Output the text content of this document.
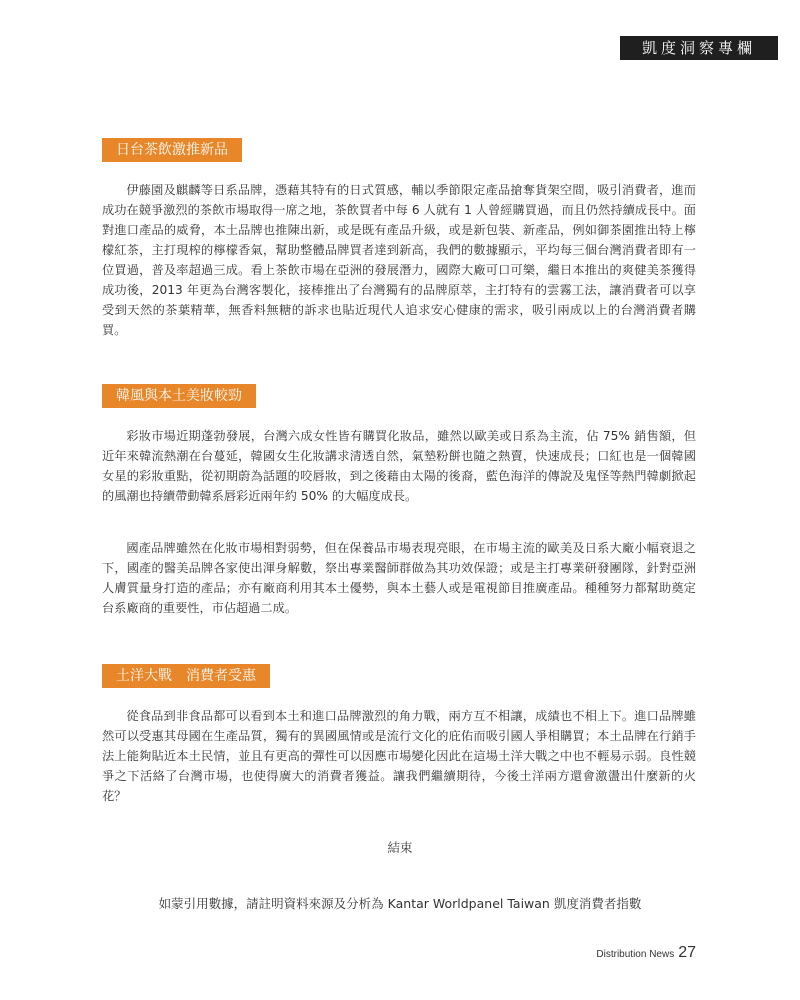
凱度洞察專欄
日台茶飲激推新品

伊藤園及麒麟等日系品牌，憑藉其特有的日式質感，輔以季節限定產品搶奪貨架空間，吸引消費者，進而成功在競爭激烈的茶飲市場取得一席之地，茶飲買者中每 6 人就有 1 人曾經購買過，而且仍然持續成長中。面對進口產品的威脅，本土品牌也推陳出新，或是既有產品升級，或是新包裝、新產品，例如御茶園推出特上檸檬紅茶，主打現榨的檸檬香氣，幫助整體品牌買者達到新高，我們的數據顯示，平均每三個台灣消費者即有一位買過，普及率超過三成。看上茶飲市場在亞洲的發展潛力，國際大廠可口可樂，繼日本推出的爽健美茶獲得成功後，2013 年更為台灣客製化，接棒推出了台灣獨有的品牌原萃，主打特有的雲霧工法，讓消費者可以享受到天然的茶葉精華，無香料無糖的訴求也貼近現代人追求安心健康的需求，吸引兩成以上的台灣消費者購買。

韓風與本土美妝較勁

彩妝市場近期蓬勃發展，台灣六成女性皆有購買化妝品，雖然以歐美或日系為主流，佔 75% 銷售額，但近年來韓流熱潮在台蔓延，韓國女生化妝講求清透自然，氣墊粉餅也隨之熱賣，快速成長；口紅也是一個韓國女星的彩妝重點，從初期蔚為話題的咬唇妝，到之後藉由太陽的後裔，藍色海洋的傳說及鬼怪等熱門韓劇掀起的風潮也持續帶動韓系唇彩近兩年約 50% 的大幅度成長。

國產品牌雖然在化妝市場相對弱勢，但在保養品市場表現亮眼，在市場主流的歐美及日系大廠小幅衰退之下，國產的醫美品牌各家使出渾身解數，祭出專業醫師群做為其功效保證；或是主打專業研發團隊，針對亞洲人膚質量身打造的產品；亦有廠商利用其本土優勢，與本土藝人或是電視節目推廣產品。種種努力都幫助奠定台系廠商的重要性，市佔超過二成。

土洋大戰　消費者受惠

從食品到非食品都可以看到本土和進口品牌激烈的角力戰，兩方互不相讓，成績也不相上下。進口品牌雖然可以受惠其母國在生產品質，獨有的異國風情或是流行文化的庇佑而吸引國人爭相購買；本土品牌在行銷手法上能夠貼近本土民情，並且有更高的彈性可以因應市場變化因此在這場土洋大戰之中也不輕易示弱。良性競爭之下活絡了台灣市場，也使得廣大的消費者獲益。讓我們繼續期待，今後土洋兩方還會激盪出什麼新的火花？

結束
如蒙引用數據，請註明資料來源及分析為 Kantar Worldpanel Taiwan 凱度消費者指數
Distribution News 27
